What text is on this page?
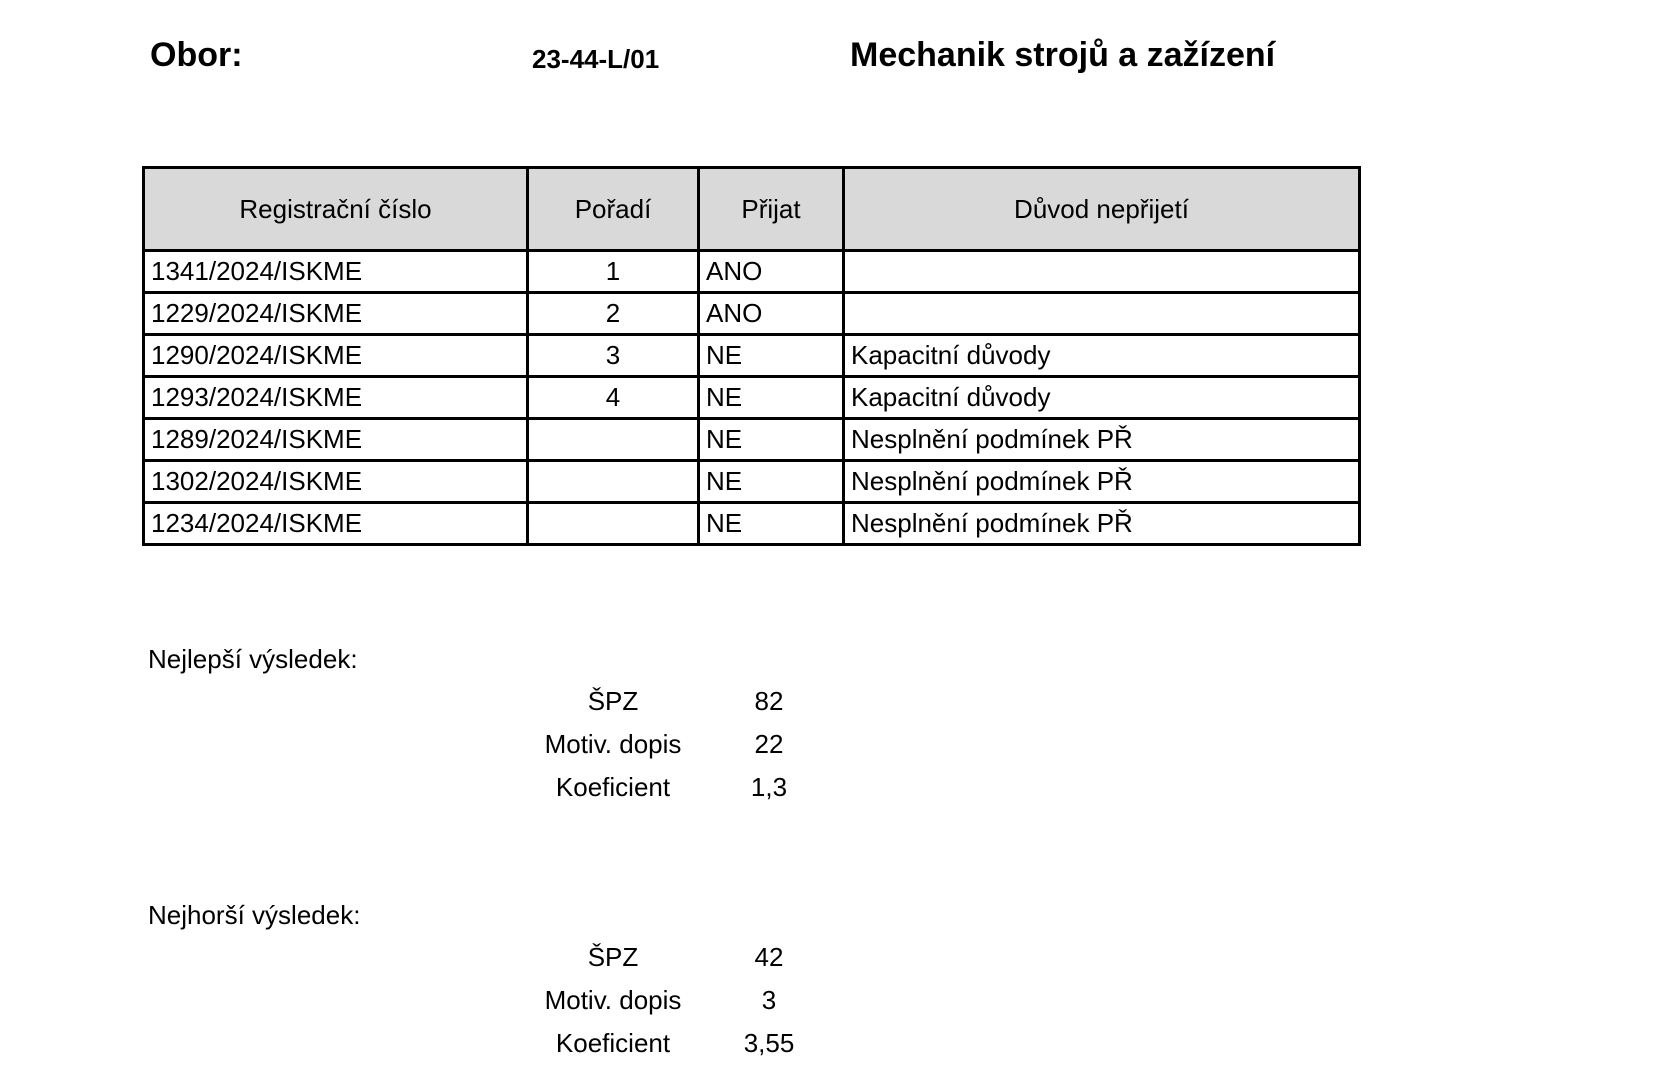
Obor:	23-44-L/01	Mechanik strojů a zažízení
Registrační číslo	Pořadí	Přijat	Důvod nepřijetí
1341/2024/ISKME	1	ANO	
1229/2024/ISKME	2	ANO	
1290/2024/ISKME	3	NE	Kapacitní důvody
1293/2024/ISKME	4	NE	Kapacitní důvody
1289/2024/ISKME		NE	Nesplnění podmínek PŘ
1302/2024/ISKME		NE	Nesplnění podmínek PŘ
1234/2024/ISKME		NE	Nesplnění podmínek PŘ
Nejlepší výsledek:
ŠPZ	82
Motiv. dopis	22
Koeficient	1,3
Nejhorší výsledek:
ŠPZ	42
Motiv. dopis	3
Koeficient	3,55
